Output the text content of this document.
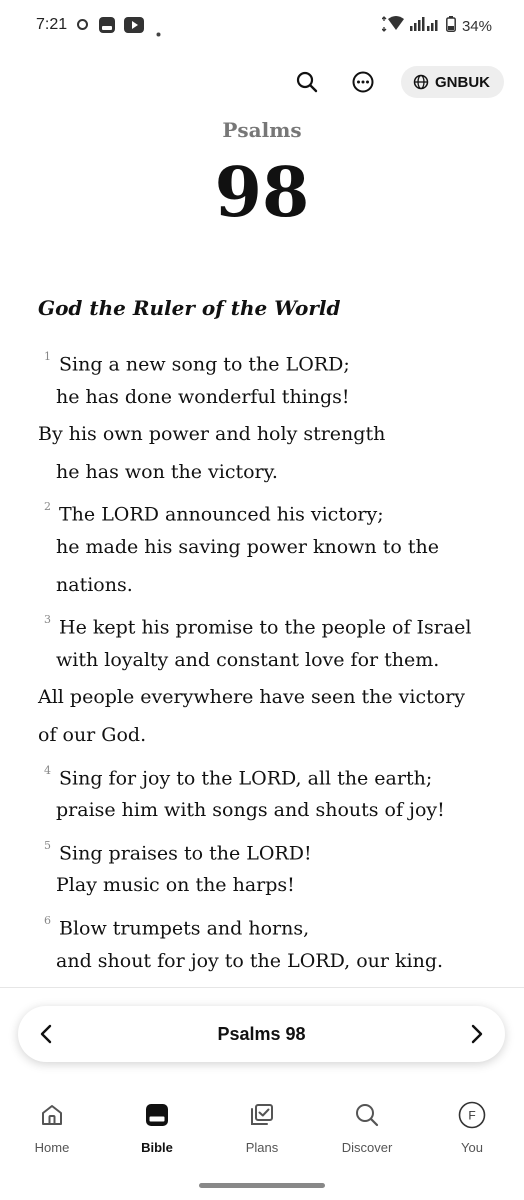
7:21	34%
GNBUK
Psalms
98
God the Ruler of the World
$^1$ Sing a new song to the LORD;
he has done wonderful things!
By his own power and holy strength
he has won the victory.
$^2$ The LORD announced his victory;
he made his saving power known to the
nations.
$^3$ He kept his promise to the people of Israel
with loyalty and constant love for them.
All people everywhere have seen the victory
of our God.
$^4$ Sing for joy to the LORD, all the earth;
praise him with songs and shouts of joy!
$^5$ Sing praises to the LORD!
Play music on the harps!
$^6$ Blow trumpets and horns,
and shout for joy to the LORD, our king.
Psalms 98
Home	Bible	Plans	Discover
F
You
